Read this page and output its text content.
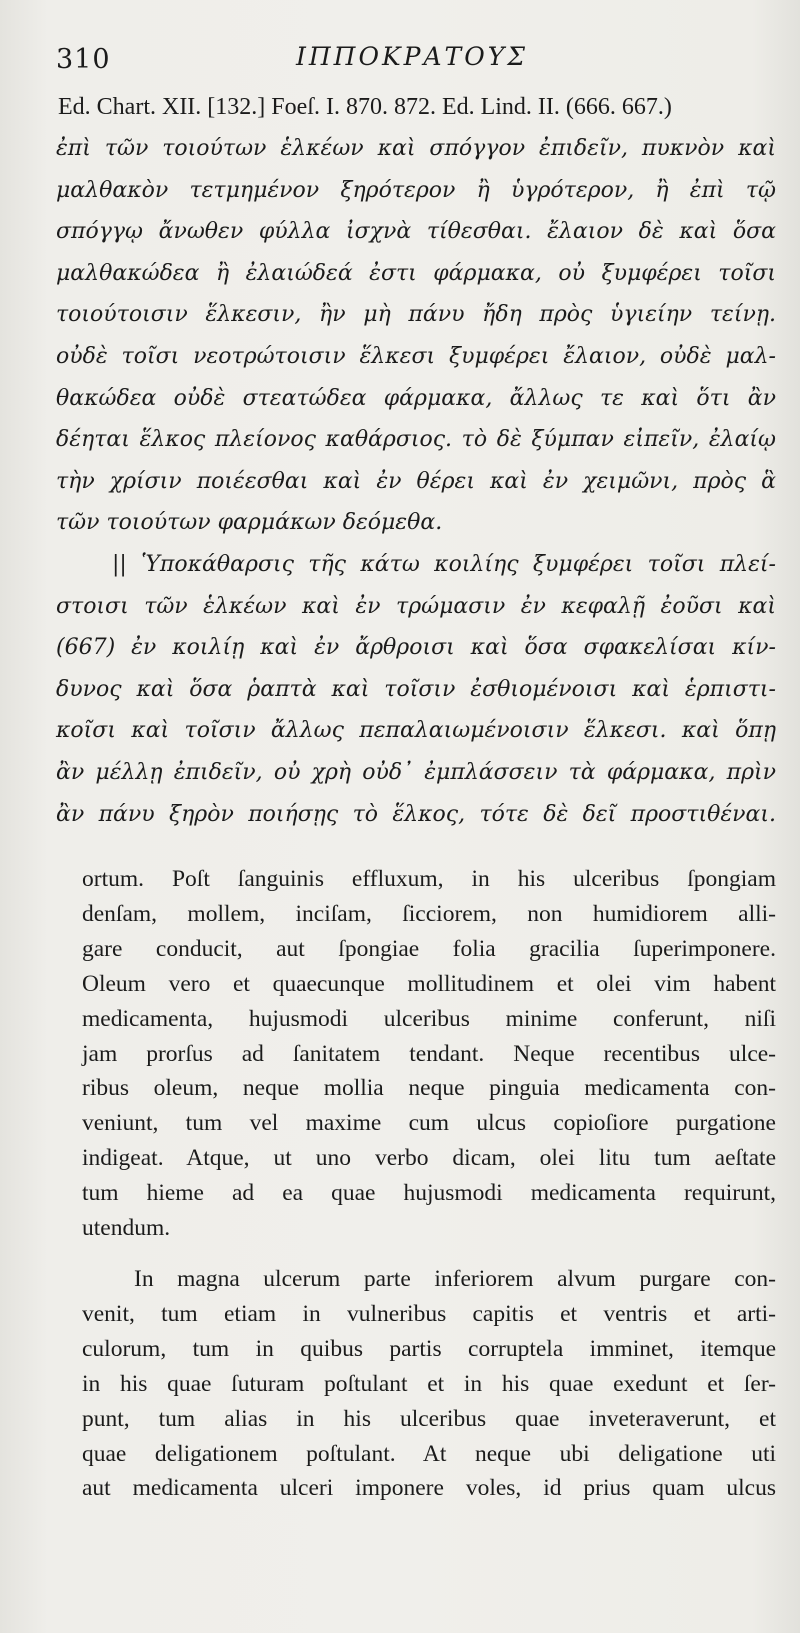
310	ΙΠΠΟΚΡΑΤΟΥΣ
Ed. Chart. XII. [132.] Foeſ. I. 870. 872. Ed. Lind. II. (666. 667.)
ἐπὶ τῶν τοιούτων ἑλκέων καὶ σπόγγον ἐπιδεῖν, πυκνὸν καὶ
μαλθακὸν τετμημένον ξηρότερον ἢ ὑγρότερον, ἢ ἐπὶ τῷ
σπόγγῳ ἄνωθεν φύλλα ἰσχνὰ τίθεσθαι. ἔλαιον δὲ καὶ ὅσα
μαλθακώδεα ἢ ἐλαιώδεά ἐστι φάρμακα, οὐ ξυμφέρει τοῖσι
τοιούτοισιν ἕλκεσιν, ἢν μὴ πάνυ ἤδη πρὸς ὑγιείην τείνῃ.
οὐδὲ τοῖσι νεοτρώτοισιν ἕλκεσι ξυμφέρει ἔλαιον, οὐδὲ μαλ-
θακώδεα οὐδὲ στεατώδεα φάρμακα, ἄλλως τε καὶ ὅτι ἂν
δέηται ἕλκος πλείονος καθάρσιος. τὸ δὲ ξύμπαν εἰπεῖν, ἐλαίῳ
τὴν χρίσιν ποιέεσθαι καὶ ἐν θέρει καὶ ἐν χειμῶνι, πρὸς ἃ
τῶν τοιούτων φαρμάκων δεόμεθα.
|| Ὑποκάθαρσις τῆς κάτω κοιλίης ξυμφέρει τοῖσι πλεί-
στοισι τῶν ἑλκέων καὶ ἐν τρώμασιν ἐν κεφαλῇ ἐοῦσι καὶ
(667) ἐν κοιλίῃ καὶ ἐν ἄρθροισι καὶ ὅσα σφακελίσαι κίν-
δυνος καὶ ὅσα ῥαπτὰ καὶ τοῖσιν ἐσθιομένοισι καὶ ἑρπιστι-
κοῖσι καὶ τοῖσιν ἄλλως πεπαλαιωμένοισιν ἕλκεσι. καὶ ὅπῃ
ἂν μέλλῃ ἐπιδεῖν, οὐ χρὴ οὐδ᾽ ἐμπλάσσειν τὰ φάρμακα, πρὶν
ἂν πάνυ ξηρὸν ποιήσῃς τὸ ἕλκος, τότε δὲ δεῖ προστιθέναι.
ortum. Poſt ſanguinis effluxum, in his ulceribus ſpongiam
denſam, mollem, inciſam, ſicciorem, non humidiorem alli-
gare conducit, aut ſpongiae folia gracilia ſuperimponere.
Oleum vero et quaecunque mollitudinem et olei vim habent
medicamenta, hujusmodi ulceribus minime conferunt, niſi
jam prorſus ad ſanitatem tendant. Neque recentibus ulce-
ribus oleum, neque mollia neque pinguia medicamenta con-
veniunt, tum vel maxime cum ulcus copioſiore purgatione
indigeat. Atque, ut uno verbo dicam, olei litu tum aeſtate
tum hieme ad ea quae hujusmodi medicamenta requirunt,
utendum.
In magna ulcerum parte inferiorem alvum purgare con-
venit, tum etiam in vulneribus capitis et ventris et arti-
culorum, tum in quibus partis corruptela imminet, itemque
in his quae ſuturam poſtulant et in his quae exedunt et ſer-
punt, tum alias in his ulceribus quae inveteraverunt, et
quae deligationem poſtulant. At neque ubi deligatione uti
aut medicamenta ulceri imponere voles, id prius quam ulcus
